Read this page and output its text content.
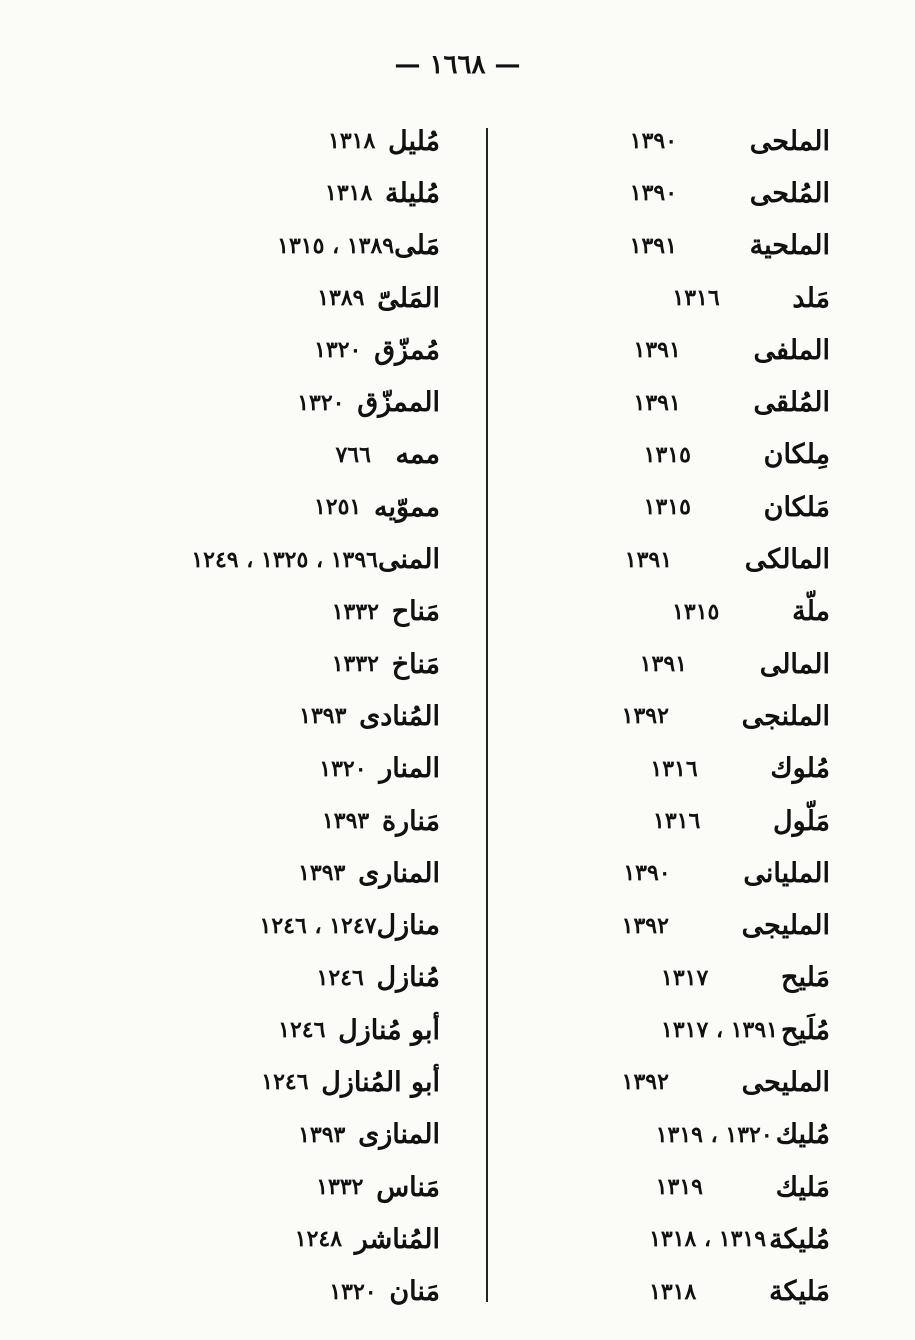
— ١٦٦٨ —
الملحى
١٣٩٠
المُلحى
١٣٩٠
الملحية
١٣٩١
مَلد
١٣١٦
الملفى
١٣٩١
المُلقى
١٣٩١
مِلكان
١٣١٥
مَلكان
١٣١٥
المالكى
١٣٩١
ملّة
١٣١٥
المالى
١٣٩١
الملنجى
١٣٩٢
مُلوك
١٣١٦
مَلّول
١٣١٦
المليانى
١٣٩٠
المليجى
١٣٩٢
مَليح
١٣١٧
مُلَيح
١٣٩١ ، ١٣١٧
المليحى
١٣٩٢
مُليك
١٣٢٠ ، ١٣١٩
مَليك
١٣١٩
مُليكة
١٣١٩ ، ١٣١٨
مَليكة
١٣١٨
مُليل
١٣١٨
مُليلة
١٣١٨
مَلى
١٣٨٩ ، ١٣١٥
المَلىّ
١٣٨٩
مُمزّق
١٣٢٠
الممزّق
١٣٢٠
ممه
٧٦٦
مموّيه
١٢٥١
المنى
١٣٩٦ ، ١٣٢٥ ، ١٢٤٩
مَناح
١٣٣٢
مَناخ
١٣٣٢
المُنادى
١٣٩٣
المنار
١٣٢٠
مَنارة
١٣٩٣
المنارى
١٣٩٣
منازل
١٢٤٧ ، ١٢٤٦
مُنازل
١٢٤٦
أبو مُنازل
١٢٤٦
أبو المُنازل
١٢٤٦
المنازى
١٣٩٣
مَناس
١٣٣٢
المُناشر
١٢٤٨
مَنان
١٣٢٠
